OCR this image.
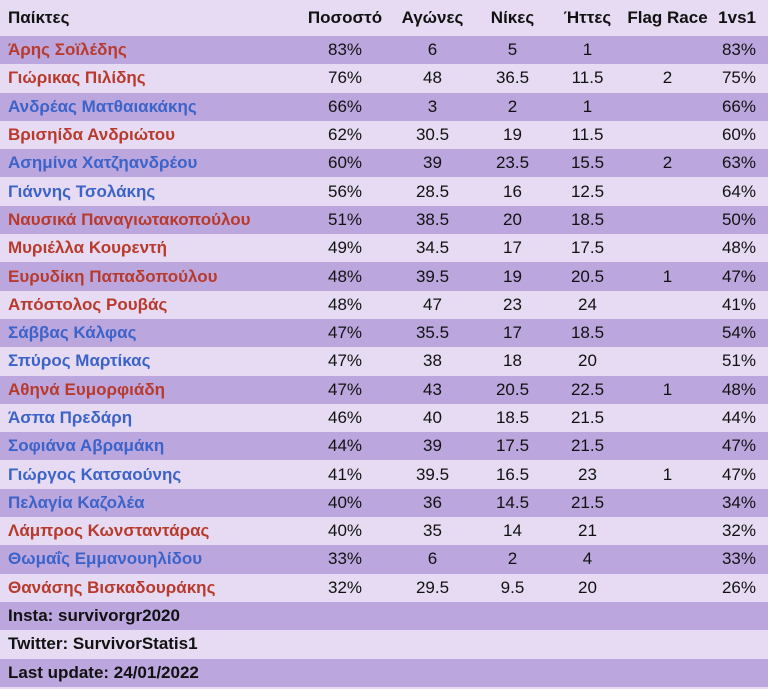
Παίκτες	Ποσοστό	Αγώνες	Νίκες	Ήττες	Flag Race	1vs1
Άρης Σοϊλέδης	83%	6	5	1		83%
Γιώρικας Πιλίδης	76%	48	36.5	11.5	2	75%
Ανδρέας Ματθαιακάκης	66%	3	2	1		66%
Βρισηίδα Ανδριώτου	62%	30.5	19	11.5		60%
Ασημίνα Χατζηανδρέου	60%	39	23.5	15.5	2	63%
Γιάννης Τσολάκης	56%	28.5	16	12.5		64%
Ναυσικά Παναγιωτακοπούλου	51%	38.5	20	18.5		50%
Μυριέλλα Κουρεντή	49%	34.5	17	17.5		48%
Ευρυδίκη Παπαδοπούλου	48%	39.5	19	20.5	1	47%
Απόστολος Ρουβάς	48%	47	23	24		41%
Σάββας Κάλφας	47%	35.5	17	18.5		54%
Σπύρος Μαρτίκας	47%	38	18	20		51%
Αθηνά Ευμορφιάδη	47%	43	20.5	22.5	1	48%
Άσπα Πρεδάρη	46%	40	18.5	21.5		44%
Σοφιάνα Αβραμάκη	44%	39	17.5	21.5		47%
Γιώργος Κατσαούνης	41%	39.5	16.5	23	1	47%
Πελαγία Καζολέα	40%	36	14.5	21.5		34%
Λάμπρος Κωνσταντάρας	40%	35	14	21		32%
Θωμαΐς Εμμανουηλίδου	33%	6	2	4		33%
Θανάσης Βισκαδουράκης	32%	29.5	9.5	20		26%
Insta: survivorgr2020						
Twitter: SurvivorStatis1						
Last update: 24/01/2022						
